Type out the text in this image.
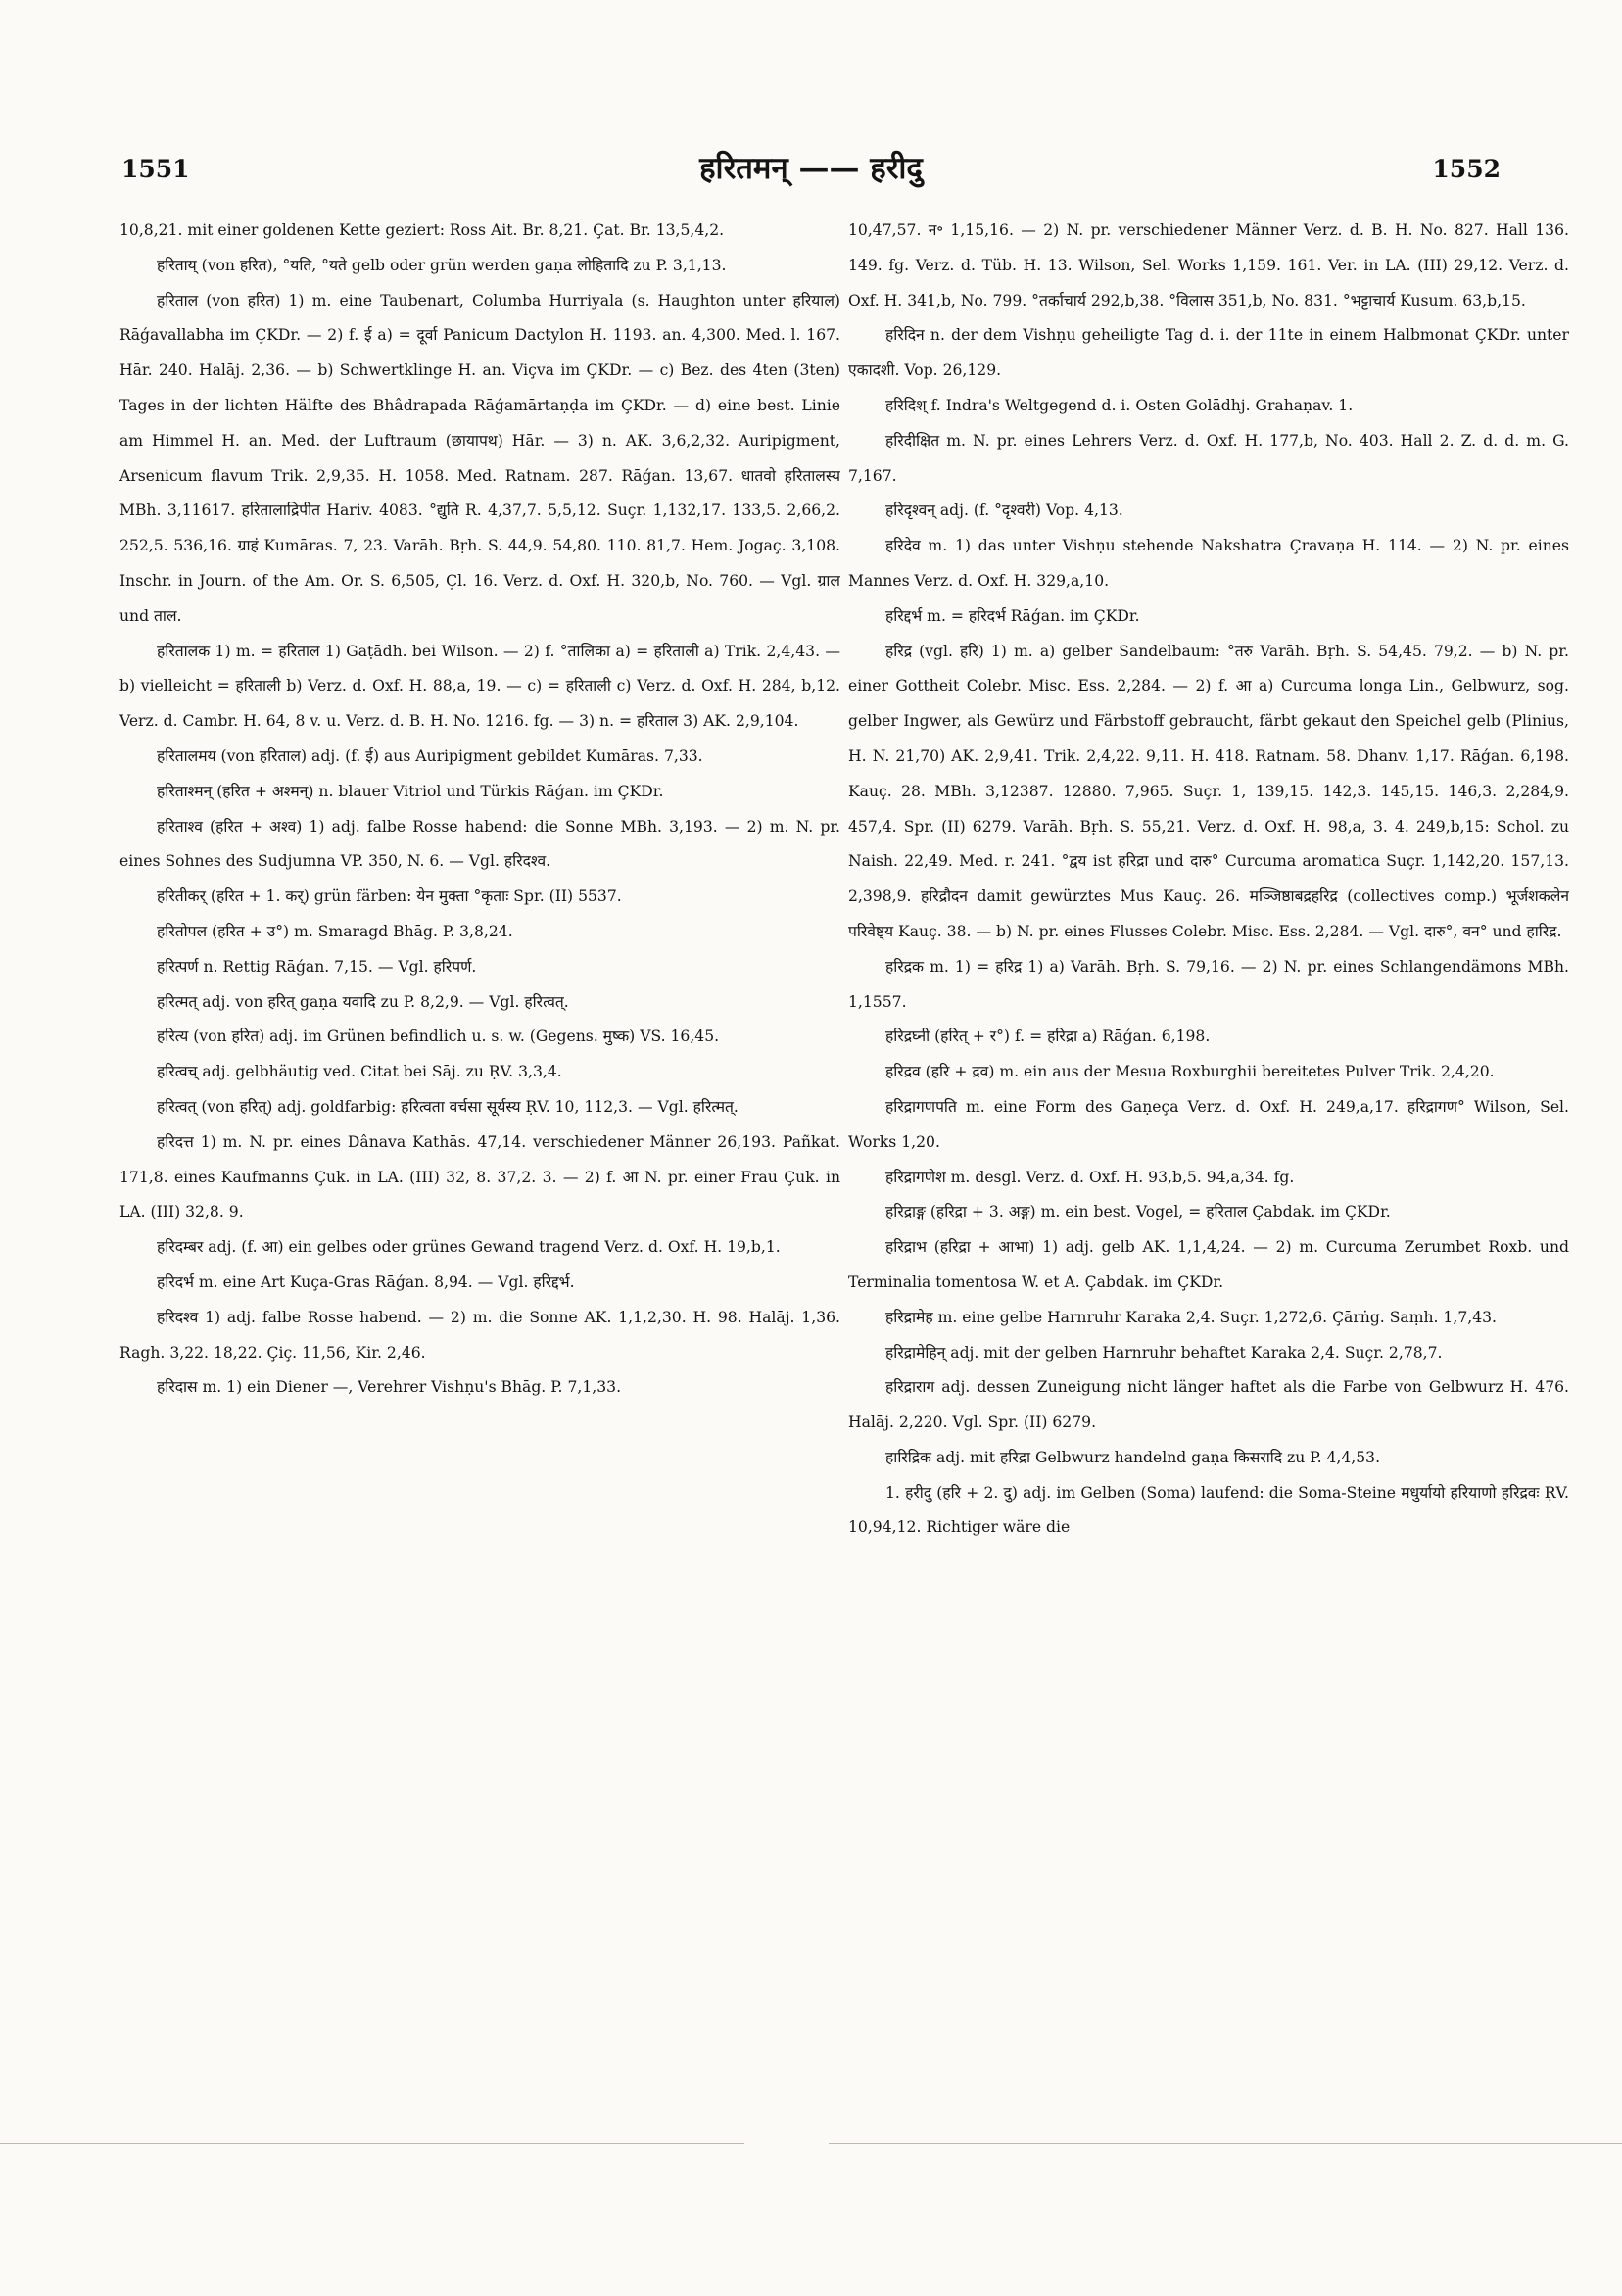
1551	हरितमन् —— हरीदु	1552

10,8,21. mit einer goldenen Kette geziert: Ross Ait. Br. 8,21. Çat. Br. 13,5,4,2.

हरिताय् (von हरित), °यति, °यते gelb oder grün werden gaṇa लोहितादि zu P. 3,1,13.

हरिताल (von हरित) 1) m. eine Taubenart, Columba Hurriyala (s. Haughton unter हरियाल) Rāǵavallabha im ÇKDr. — 2) f. ई a) = दूर्वा Panicum Dactylon H. 1193. an. 4,300. Med. l. 167. Hār. 240. Halāj. 2,36. — b) Schwertklinge H. an. Viçva im ÇKDr. — c) Bez. des 4ten (3ten) Tages in der lichten Hälfte des Bhâdrapada Rāǵamārtaṇḍa im ÇKDr. — d) eine best. Linie am Himmel H. an. Med. der Luftraum (छायापथ) Hār. — 3) n. AK. 3,6,2,32. Auripigment, Arsenicum flavum Trik. 2,9,35. H. 1058. Med. Ratnam. 287. Rāǵan. 13,67. धातवो हरितालस्य MBh. 3,11617. हरितालाद्रिपीत Hariv. 4083. °द्युति R. 4,37,7. 5,5,12. Suçr. 1,132,17. 133,5. 2,66,2. 252,5. 536,16. ग्राहं Kumāras. 7, 23. Varāh. Bṛh. S. 44,9. 54,80. 110. 81,7. Hem. Jogaç. 3,108. Inschr. in Journ. of the Am. Or. S. 6,505, Çl. 16. Verz. d. Oxf. H. 320,b, No. 760. — Vgl. ग्राल und ताल.

हरितालक 1) m. = हरिताल 1) Gaṭādh. bei Wilson. — 2) f. °तालिका a) = हरिताली a) Trik. 2,4,43. — b) vielleicht = हरिताली b) Verz. d. Oxf. H. 88,a, 19. — c) = हरिताली c) Verz. d. Oxf. H. 284, b,12. Verz. d. Cambr. H. 64, 8 v. u. Verz. d. B. H. No. 1216. fg. — 3) n. = हरिताल 3) AK. 2,9,104.

हरितालमय (von हरिताल) adj. (f. ई) aus Auripigment gebildet Kumāras. 7,33.

हरिताश्मन् (हरित + अश्मन्) n. blauer Vitriol und Türkis Rāǵan. im ÇKDr.

हरिताश्व (हरित + अश्व) 1) adj. falbe Rosse habend: die Sonne MBh. 3,193. — 2) m. N. pr. eines Sohnes des Sudjumna VP. 350, N. 6. — Vgl. हरिदश्व.

हरितीकर् (हरित + 1. कर्) grün färben: येन मुक्ता °कृताः Spr. (II) 5537.

हरितोपल (हरित + उ°) m. Smaragd Bhāg. P. 3,8,24.

हरित्पर्ण n. Rettig Rāǵan. 7,15. — Vgl. हरिपर्ण.

हरित्मत् adj. von हरित् gaṇa यवादि zu P. 8,2,9. — Vgl. हरित्वत्.

हरित्य (von हरित) adj. im Grünen befindlich u. s. w. (Gegens. मुष्क) VS. 16,45.

हरित्वच् adj. gelbhäutig ved. Citat bei Sāj. zu ṚV. 3,3,4.

हरित्वत् (von हरित्) adj. goldfarbig: हरित्वता वर्चसा सूर्यस्य ṚV. 10, 112,3. — Vgl. हरित्मत्.

हरिदत्त 1) m. N. pr. eines Dânava Kathās. 47,14. verschiedener Männer 26,193. Pañkat. 171,8. eines Kaufmanns Çuk. in LA. (III) 32, 8. 37,2. 3. — 2) f. आ N. pr. einer Frau Çuk. in LA. (III) 32,8. 9.

हरिदम्बर adj. (f. आ) ein gelbes oder grünes Gewand tragend Verz. d. Oxf. H. 19,b,1.

हरिदर्भ m. eine Art Kuça-Gras Rāǵan. 8,94. — Vgl. हरिद्दर्भ.

हरिदश्व 1) adj. falbe Rosse habend. — 2) m. die Sonne AK. 1,1,2,30. H. 98. Halāj. 1,36. Ragh. 3,22. 18,22. Çiç. 11,56, Kir. 2,46.

हरिदास m. 1) ein Diener —, Verehrer Vishṇu's Bhāg. P. 7,1,33.

10,47,57. न॰ 1,15,16. — 2) N. pr. verschiedener Männer Verz. d. B. H. No. 827. Hall 136. 149. fg. Verz. d. Tüb. H. 13. Wilson, Sel. Works 1,159. 161. Ver. in LA. (III) 29,12. Verz. d. Oxf. H. 341,b, No. 799. °तर्काचार्य 292,b,38. °विलास 351,b, No. 831. °भट्टाचार्य Kusum. 63,b,15.

हरिदिन n. der dem Vishṇu geheiligte Tag d. i. der 11te in einem Halbmonat ÇKDr. unter एकादशी. Vop. 26,129.

हरिदिश् f. Indra's Weltgegend d. i. Osten Golādhj. Grahaṇav. 1.

हरिदीक्षित m. N. pr. eines Lehrers Verz. d. Oxf. H. 177,b, No. 403. Hall 2. Z. d. d. m. G. 7,167.

हरिदृश्वन् adj. (f. °दृश्वरी) Vop. 4,13.

हरिदेव m. 1) das unter Vishṇu stehende Nakshatra Çravaṇa H. 114. — 2) N. pr. eines Mannes Verz. d. Oxf. H. 329,a,10.

हरिद्दर्भ m. = हरिदर्भ Rāǵan. im ÇKDr.

हरिद्र (vgl. हरि) 1) m. a) gelber Sandelbaum: °तरु Varāh. Bṛh. S. 54,45. 79,2. — b) N. pr. einer Gottheit Colebr. Misc. Ess. 2,284. — 2) f. आ a) Curcuma longa Lin., Gelbwurz, sog. gelber Ingwer, als Gewürz und Färbstoff gebraucht, färbt gekaut den Speichel gelb (Plinius, H. N. 21,70) AK. 2,9,41. Trik. 2,4,22. 9,11. H. 418. Ratnam. 58. Dhanv. 1,17. Rāǵan. 6,198. Kauç. 28. MBh. 3,12387. 12880. 7,965. Suçr. 1, 139,15. 142,3. 145,15. 146,3. 2,284,9. 457,4. Spr. (II) 6279. Varāh. Bṛh. S. 55,21. Verz. d. Oxf. H. 98,a, 3. 4. 249,b,15: Schol. zu Naish. 22,49. Med. r. 241. °द्वय ist हरिद्रा und दारु° Curcuma aromatica Suçr. 1,142,20. 157,13. 2,398,9. हरिद्रौदन damit gewürztes Mus Kauç. 26. मञ्जिष्ठाबद्रहरिद्र (collectives comp.) भूर्जशकलेन परिवेष्ट्य Kauç. 38. — b) N. pr. eines Flusses Colebr. Misc. Ess. 2,284. — Vgl. दारु°, वन° und हारिद्र.

हरिद्रक m. 1) = हरिद्र 1) a) Varāh. Bṛh. S. 79,16. — 2) N. pr. eines Schlangendämons MBh. 1,1557.

हरिद्रघ्नी (हरित् + र°) f. = हरिद्रा a) Rāǵan. 6,198.

हरिद्रव (हरि + द्रव) m. ein aus der Mesua Roxburghii bereitetes Pulver Trik. 2,4,20.

हरिद्रागणपति m. eine Form des Gaṇeça Verz. d. Oxf. H. 249,a,17. हरिद्रागण° Wilson, Sel. Works 1,20.

हरिद्रागणेश m. desgl. Verz. d. Oxf. H. 93,b,5. 94,a,34. fg.

हरिद्राङ्ग (हरिद्रा + 3. अङ्ग) m. ein best. Vogel, = हरिताल Çabdak. im ÇKDr.

हरिद्राभ (हरिद्रा + आभा) 1) adj. gelb AK. 1,1,4,24. — 2) m. Curcuma Zerumbet Roxb. und Terminalia tomentosa W. et A. Çabdak. im ÇKDr.

हरिद्रामेह m. eine gelbe Harnruhr Karaka 2,4. Suçr. 1,272,6. Çārṅg. Saṃh. 1,7,43.

हरिद्रामेहिन् adj. mit der gelben Harnruhr behaftet Karaka 2,4. Suçr. 2,78,7.

हरिद्राराग adj. dessen Zuneigung nicht länger haftet als die Farbe von Gelbwurz H. 476. Halāj. 2,220. Vgl. Spr. (II) 6279.

हारिद्रिक adj. mit हरिद्रा Gelbwurz handelnd gaṇa किसरादि zu P. 4,4,53.

1. हरीदु (हरि + 2. दु) adj. im Gelben (Soma) laufend: die Soma-Steine मधुर्यायो हरियाणो हरिद्रवः ṚV. 10,94,12. Richtiger wäre die
